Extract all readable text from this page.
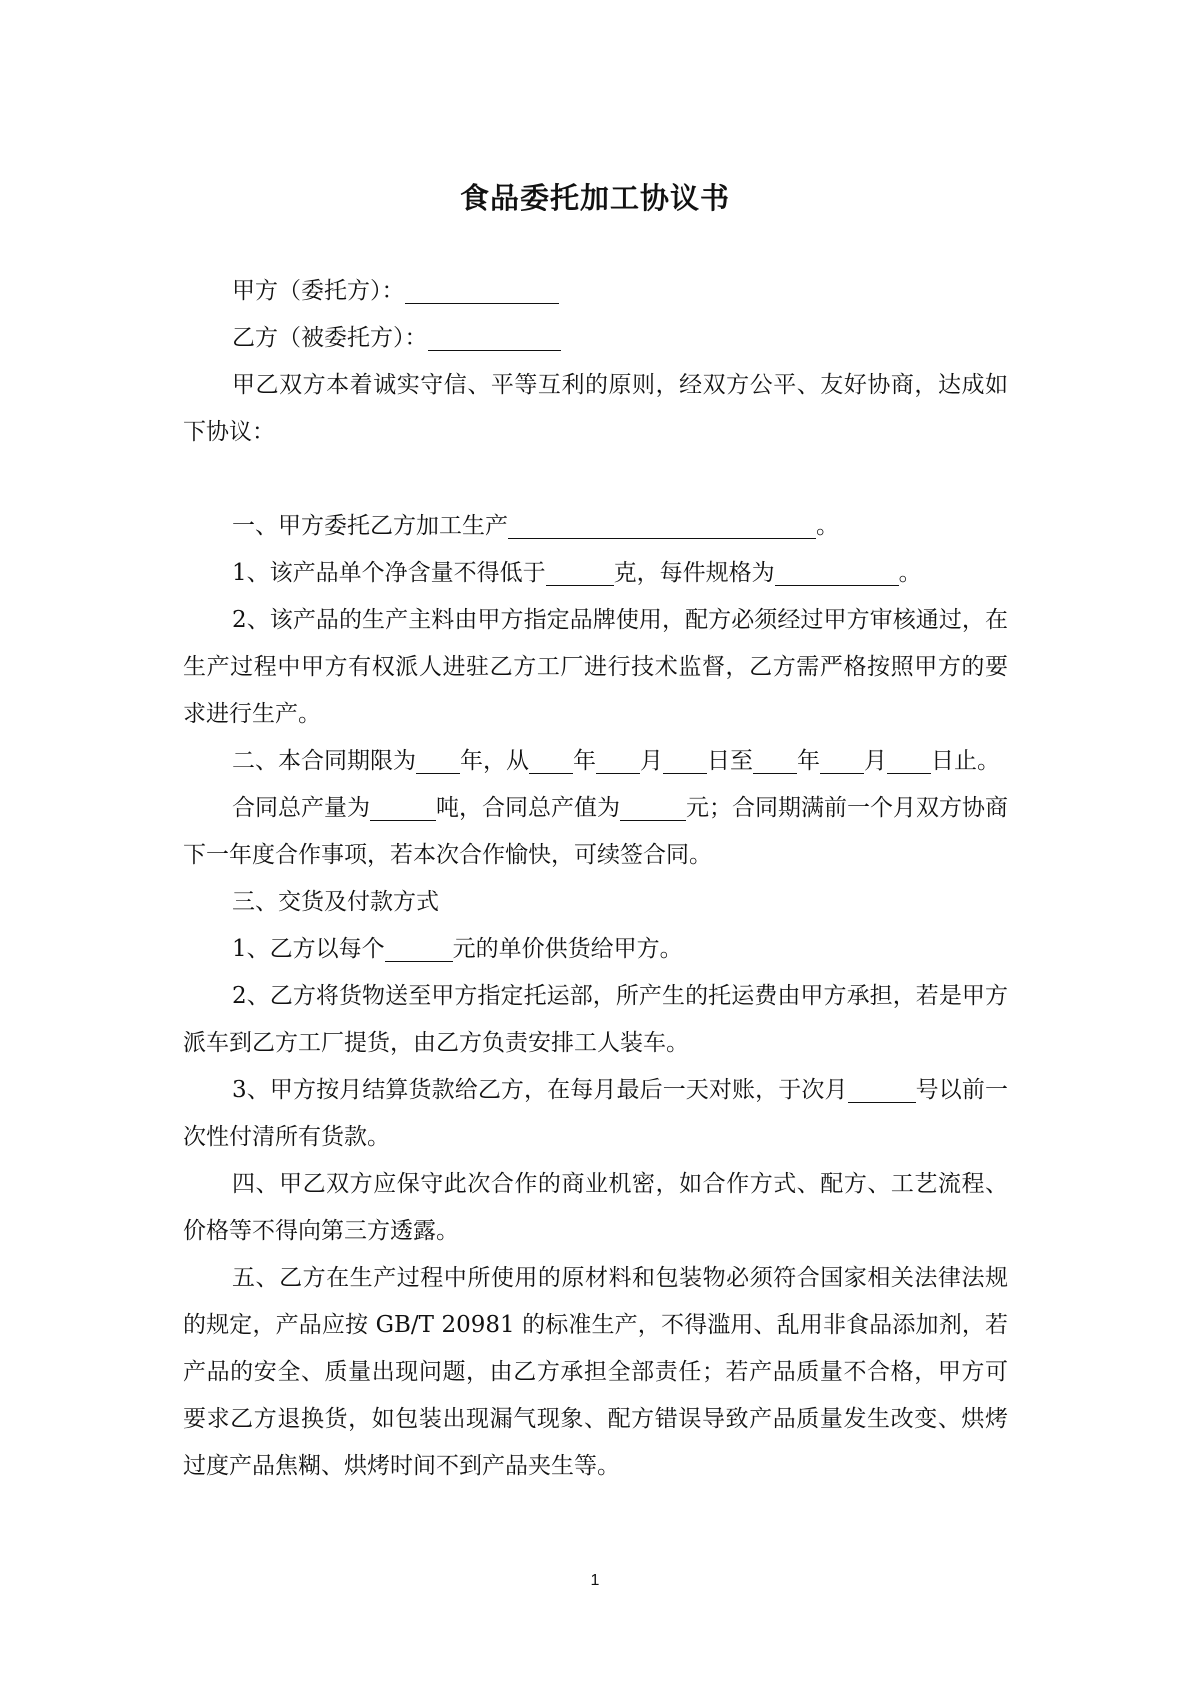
食品委托加工协议书

甲方（委托方）：

乙方（被委托方）：

甲乙双方本着诚实守信、平等互利的原则，经双方公平、友好协商，达成如下协议：

一、甲方委托乙方加工生产	。

1、该产品单个净含量不得低于	克，每件规格为	。

2、该产品的生产主料由甲方指定品牌使用，配方必须经过甲方审核通过，在生产过程中甲方有权派人进驻乙方工厂进行技术监督，乙方需严格按照甲方的要求进行生产。

二、本合同期限为 年，从 年 月 日至 年 月 日止。

合同总产量为	吨，合同总产值为	元；合同期满前一个月双方协商下一年度合作事项，若本次合作愉快，可续签合同。

三、交货及付款方式

1、乙方以每个	元的单价供货给甲方。

2、乙方将货物送至甲方指定托运部，所产生的托运费由甲方承担，若是甲方派车到乙方工厂提货，由乙方负责安排工人装车。

3、甲方按月结算货款给乙方，在每月最后一天对账，于次月	号以前一次性付清所有货款。

四、甲乙双方应保守此次合作的商业机密，如合作方式、配方、工艺流程、价格等不得向第三方透露。

五、乙方在生产过程中所使用的原材料和包装物必须符合国家相关法律法规的规定，产品应按 GB/T 20981 的标准生产，不得滥用、乱用非食品添加剂，若产品的安全、质量出现问题，由乙方承担全部责任；若产品质量不合格，甲方可要求乙方退换货，如包装出现漏气现象、配方错误导致产品质量发生改变、烘烤过度产品焦糊、烘烤时间不到产品夹生等。

1
